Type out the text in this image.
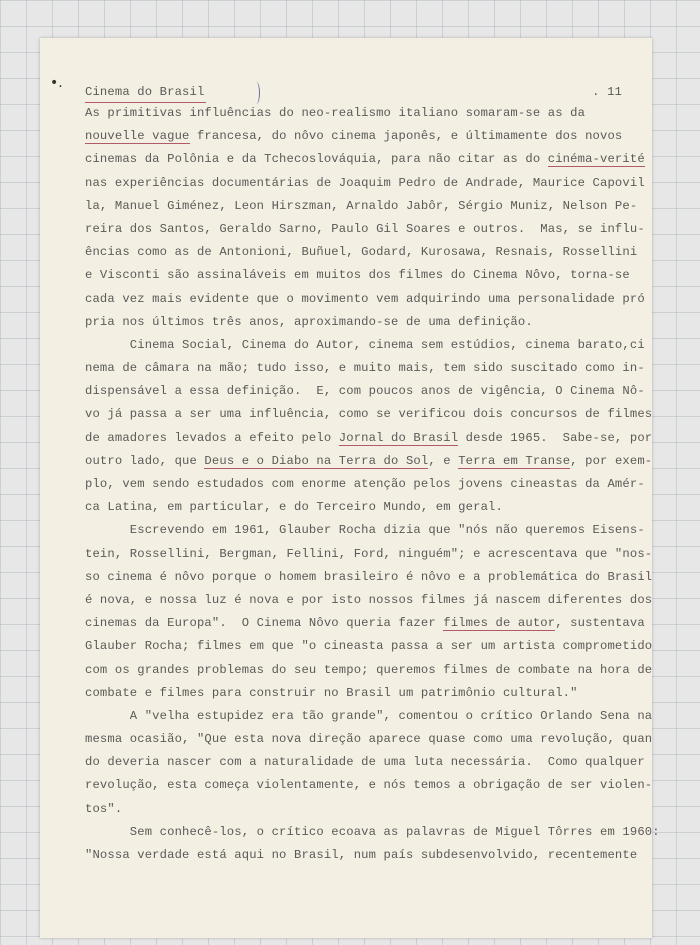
•.
Cinema do Brasil	. 11
As primitivas influências do neo-realismo italiano somaram-se as da
nouvelle vague francesa, do nôvo cinema japonês, e últimamente dos novos
cinemas da Polônia e da Tchecoslováquia, para não citar as do cinéma-verité
nas experiências documentárias de Joaquim Pedro de Andrade, Maurice Capovil
la, Manuel Giménez, Leon Hirszman, Arnaldo Jabôr, Sérgio Muniz, Nelson Pe-
reira dos Santos, Geraldo Sarno, Paulo Gil Soares e outros.  Mas, se influ-
ências como as de Antonioni, Buñuel, Godard, Kurosawa, Resnais, Rossellini
e Visconti são assinaláveis em muitos dos filmes do Cinema Nôvo, torna-se
cada vez mais evidente que o movimento vem adquirindo uma personalidade pró
pria nos últimos três anos, aproximando-se de uma definição.
Cinema Social, Cinema do Autor, cinema sem estúdios, cinema barato,ci
nema de câmara na mão; tudo isso, e muito mais, tem sido suscitado como in-
dispensável a essa definição.  E, com poucos anos de vigência, O Cinema Nô-
vo já passa a ser uma influência, como se verificou dois concursos de filmes
de amadores levados a efeito pelo Jornal do Brasil desde 1965.  Sabe-se, por
outro lado, que Deus e o Diabo na Terra do Sol, e Terra em Transe, por exem-
plo, vem sendo estudados com enorme atenção pelos jovens cineastas da Amér-
ca Latina, em particular, e do Terceiro Mundo, em geral.
Escrevendo em 1961, Glauber Rocha dizia que "nós não queremos Eisens-
tein, Rossellini, Bergman, Fellini, Ford, ninguém"; e acrescentava que "nos-
so cinema é nôvo porque o homem brasileiro é nôvo e a problemática do Brasil
é nova, e nossa luz é nova e por isto nossos filmes já nascem diferentes dos
cinemas da Europa".  O Cinema Nôvo queria fazer filmes de autor, sustentava
Glauber Rocha; filmes em que "o cineasta passa a ser um artista comprometido
com os grandes problemas do seu tempo; queremos filmes de combate na hora de
combate e filmes para construir no Brasil um patrimônio cultural."
A "velha estupidez era tão grande", comentou o crítico Orlando Sena na
mesma ocasião, "Que esta nova direção aparece quase como uma revolução, quan
do deveria nascer com a naturalidade de uma luta necessária.  Como qualquer
revolução, esta começa violentamente, e nós temos a obrigação de ser violen-
tos".
Sem conhecê-los, o crítico ecoava as palavras de Miguel Tôrres em 1960:
"Nossa verdade está aqui no Brasil, num país subdesenvolvido, recentemente
